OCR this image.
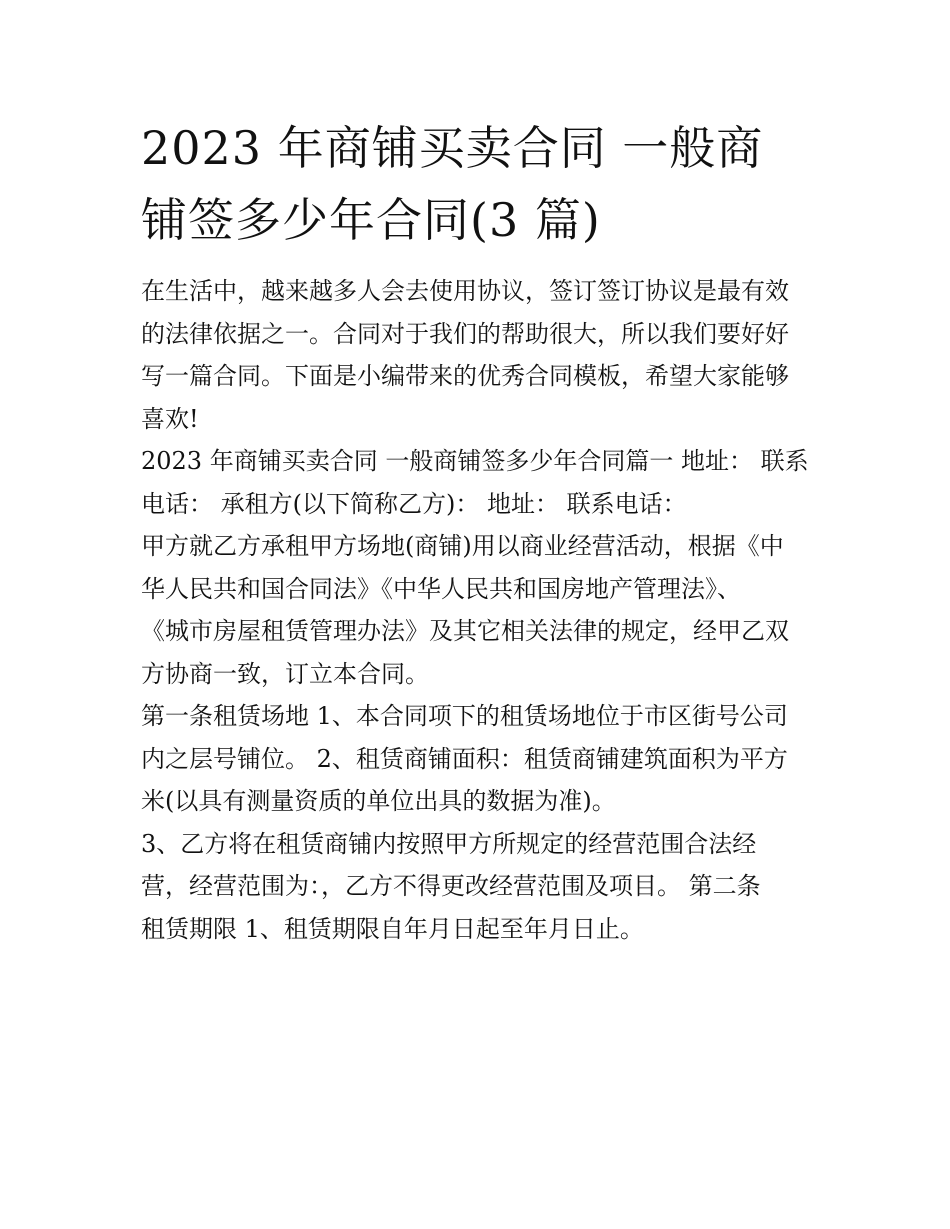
2023 年商铺买卖合同 一般商
铺签多少年合同(3 篇)

在生活中，越来越多人会去使用协议，签订签订协议是最有效
的法律依据之一。合同对于我们的帮助很大，所以我们要好好
写一篇合同。下面是小编带来的优秀合同模板，希望大家能够
喜欢!

2023 年商铺买卖合同 一般商铺签多少年合同篇一 地址： 联系
电话： 承租方(以下简称乙方)： 地址： 联系电话：

甲方就乙方承租甲方场地(商铺)用以商业经营活动，根据《中
华人民共和国合同法》《中华人民共和国房地产管理法》、
《城市房屋租赁管理办法》及其它相关法律的规定，经甲乙双
方协商一致，订立本合同。

第一条租赁场地 1、本合同项下的租赁场地位于市区街号公司
内之层号铺位。 2、租赁商铺面积：租赁商铺建筑面积为平方
米(以具有测量资质的单位出具的数据为准)。

3、乙方将在租赁商铺内按照甲方所规定的经营范围合法经
营，经营范围为：，乙方不得更改经营范围及项目。 第二条
租赁期限 1、租赁期限自年月日起至年月日止。
